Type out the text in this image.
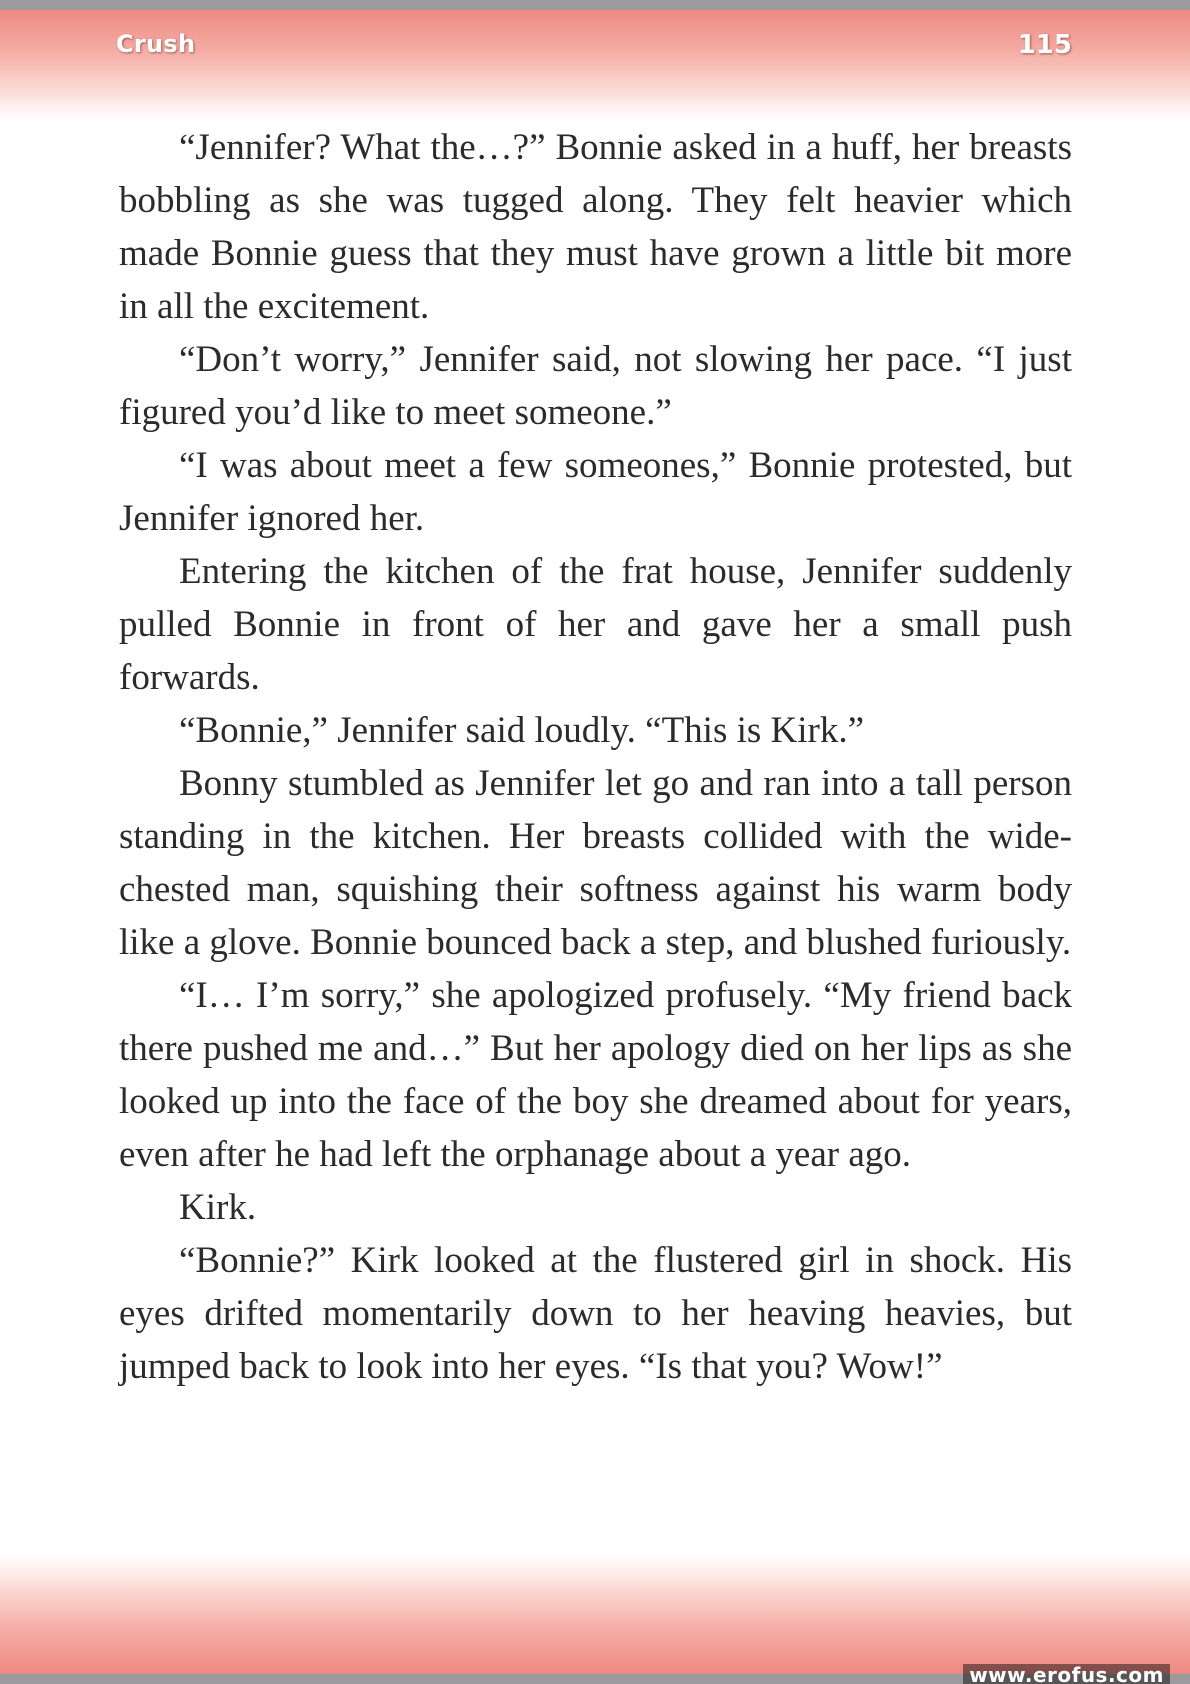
Crush	115

“Jennifer? What the…?” Bonnie asked in a huff, her breasts bobbling as she was tugged along. They felt heavier which made Bonnie guess that they must have grown a little bit more in all the excitement.

“Don’t worry,” Jennifer said, not slowing her pace. “I just figured you’d like to meet someone.”

“I was about meet a few someones,” Bonnie protested, but Jennifer ignored her.

Entering the kitchen of the frat house, Jennifer suddenly pulled Bonnie in front of her and gave her a small push forwards.

“Bonnie,” Jennifer said loudly. “This is Kirk.”

Bonny stumbled as Jennifer let go and ran into a tall person standing in the kitchen. Her breasts collided with the wide-chested man, squishing their softness against his warm body like a glove. Bonnie bounced back a step, and blushed furiously.

“I… I’m sorry,” she apologized profusely. “My friend back there pushed me and…” But her apology died on her lips as she looked up into the face of the boy she dreamed about for years, even after he had left the orphanage about a year ago.

Kirk.

“Bonnie?” Kirk looked at the flustered girl in shock. His eyes drifted momentarily down to her heaving heavies, but jumped back to look into her eyes. “Is that you? Wow!”

www.erofus.com
